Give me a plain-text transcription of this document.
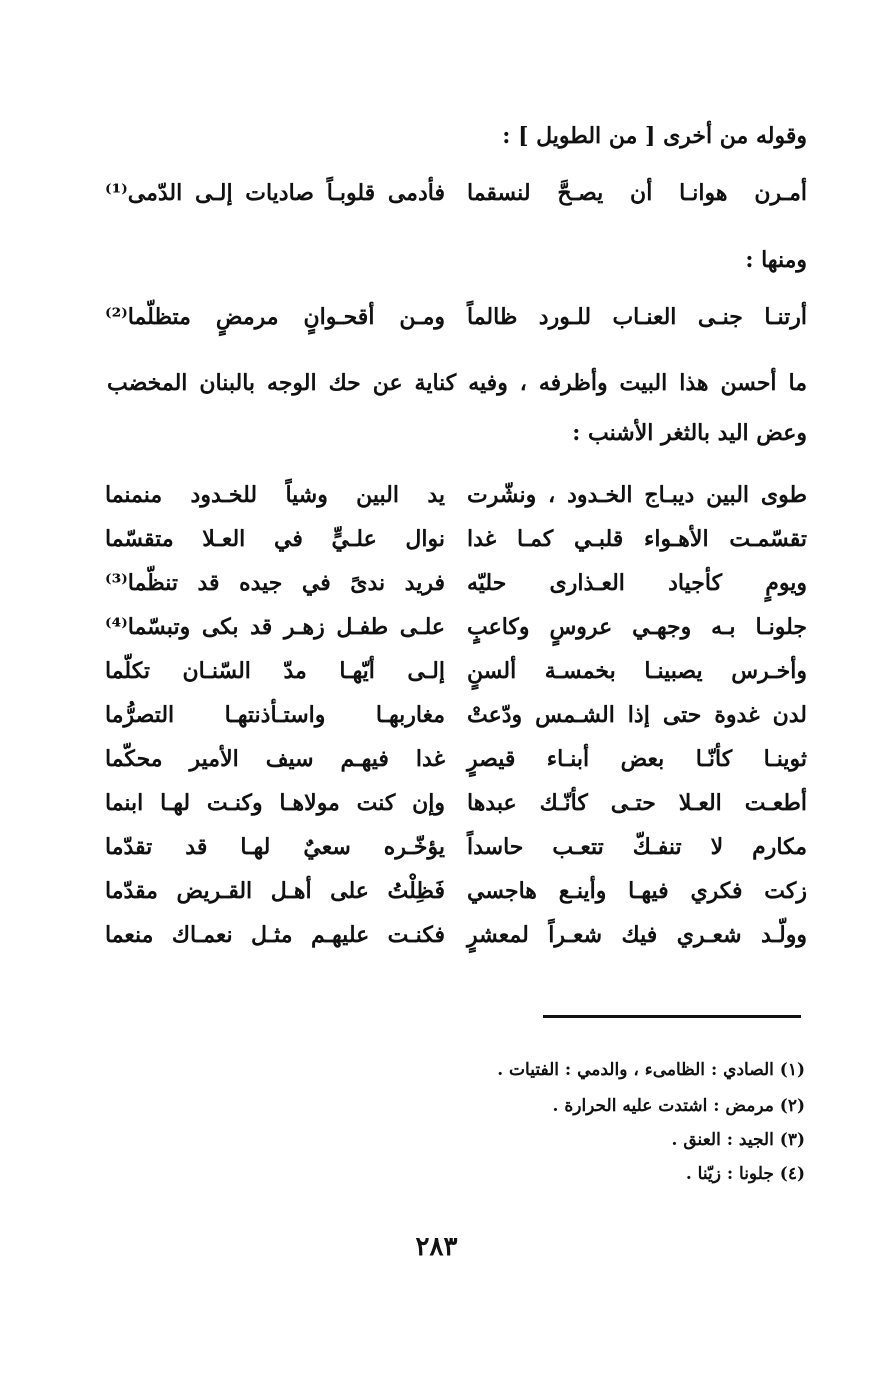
وقوله من أخرى [ من الطويل ] :
أمـرن هوانـا أن يصـحَّ لنسقما
فأدمى قلوبـاً صاديات إلـى الدّمى⁽¹⁾
ومنها :
أرتنـا جنـى العنـاب للـورد ظالماً
ومـن أقحـوانٍ مرمضٍ متظلّما⁽²⁾
ما أحسن هذا البيت وأظرفه ، وفيه كناية عن حك الوجه بالبنان المخضب وعض اليد بالثغر الأشنب :
طوى البين ديبـاج الخـدود ، ونشّرت
يد البين وشياً للخـدود منمنما
تقسّمـت الأهـواء قلبـي كمـا غدا
نوال علـيٍّ في العـلا متقسّما
ويومٍ كأجياد العـذارى حليّه
فريد ندىً في جيده قد تنظّما⁽³⁾
جلونـا بـه وجهـي عروسٍ وكاعبٍ
علـى طفـل زهـر قد بكى وتبسّما⁽⁴⁾
وأخـرس يصبينـا بخمسـة ألسنٍ
إلـى أيّهـا مدّ السّنـان تكلّما
لدن غدوة حتى إذا الشـمس ودّعتْ
مغاربهـا واستـأذنتهـا التصرُّما
ثوينـا كأنّـا بعض أبنـاء قيصرٍ
غدا فيهـم سيف الأمير محكّما
أطعـت العـلا حتـى كأنّـك عبدها
وإن كنت مولاهـا وكنـت لهـا ابنما
مكارم لا تنفـكّ تتعـب حاسداً
يؤخّـره سعيٌ لهـا قد تقدّما
زكت فكري فيهـا وأينـع هاجسي
فَظِلْتُ على أهـل القـريض مقدّما
وولّـد شعـري فيك شعـراً لمعشرٍ
فكنـت عليهـم مثـل نعمـاك منعما
(١) الصادي : الظامىء ، والدمي : الفتيات .
(٢) مرمض : اشتدت عليه الحرارة .
(٣) الجيد : العنق .
(٤) جلونا : زيّنا .
٢٨٣
